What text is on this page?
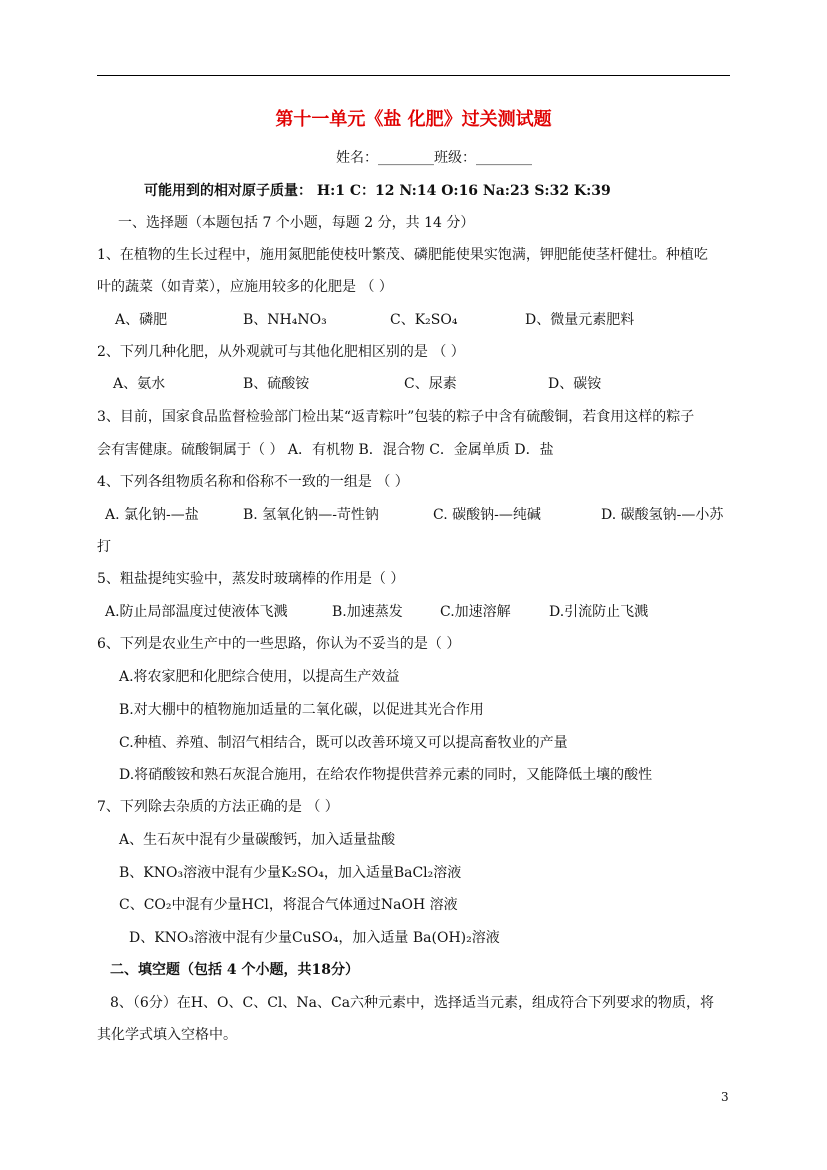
第十一单元《盐 化肥》过关测试题
姓名：________班级：________
可能用到的相对原子质量： H:1 C：12 N:14 O:16 Na:23 S:32 K:39
一、选择题（本题包括 7 个小题，每题 2 分，共 14 分）
1、在植物的生长过程中，施用氮肥能使枝叶繁茂、磷肥能使果实饱满，钾肥能使茎杆健壮。种植吃
叶的蔬菜（如青菜），应施用较多的化肥是 （ ）
A、磷肥	B、NH₄NO₃	C、K₂SO₄	D、微量元素肥料
2、下列几种化肥，从外观就可与其他化肥相区别的是 （ ）
A、氨水	B、硫酸铵	C、尿素	D、碳铵
3、目前，国家食品监督检验部门检出某“返青粽叶”包装的粽子中含有硫酸铜，若食用这样的粽子
会有害健康。硫酸铜属于（ ） A．有机物 B．混合物 C．金属单质 D．盐
4、下列各组物质名称和俗称不一致的一组是 （ ）
A. 氯化钠-—盐	B. 氢氧化钠—-苛性钠	C. 碳酸钠-—纯碱	D. 碳酸氢钠-—小苏
打
5、粗盐提纯实验中，蒸发时玻璃棒的作用是（ ）
A.防止局部温度过使液体飞溅	B.加速蒸发	C.加速溶解	D.引流防止飞溅
6、下列是农业生产中的一些思路，你认为不妥当的是（ ）
A.将农家肥和化肥综合使用，以提高生产效益
B.对大棚中的植物施加适量的二氧化碳，以促进其光合作用
C.种植、养殖、制沼气相结合，既可以改善环境又可以提高畜牧业的产量
D.将硝酸铵和熟石灰混合施用，在给农作物提供营养元素的同时，又能降低土壤的酸性
7、下列除去杂质的方法正确的是 （ ）
A、生石灰中混有少量碳酸钙，加入适量盐酸
B、KNO₃溶液中混有少量K₂SO₄，加入适量BaCl₂溶液
C、CO₂中混有少量HCl，将混合气体通过NaOH 溶液
D、KNO₃溶液中混有少量CuSO₄，加入适量 Ba(OH)₂溶液
二、填空题（包括 4 个小题，共18分）
8、（6分）在H、O、C、Cl、Na、Ca六种元素中，选择适当元素，组成符合下列要求的物质，将
其化学式填入空格中。
3
